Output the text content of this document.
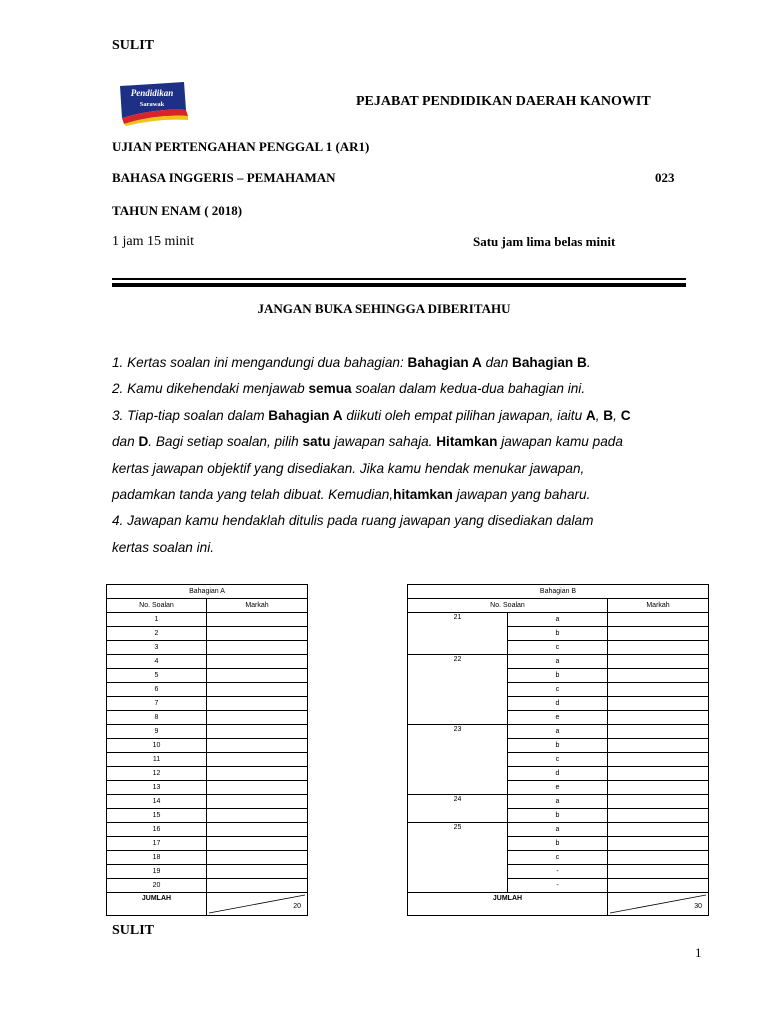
SULIT
Pendidikan
Sarawak	PEJABAT PENDIDIKAN DAERAH KANOWIT
UJIAN PERTENGAHAN PENGGAL 1 (AR1)
BAHASA INGGERIS – PEMAHAMAN	023
TAHUN ENAM ( 2018)
1 jam 15 minit	Satu jam lima belas minit
JANGAN BUKA SEHINGGA DIBERITAHU

1. Kertas soalan ini mengandungi dua bahagian: Bahagian A dan Bahagian B.

2. Kamu dikehendaki menjawab semua soalan dalam kedua-dua bahagian ini.

3. Tiap-tiap soalan dalam Bahagian A diikuti oleh empat pilihan jawapan, iaitu A, B, C

dan D. Bagi setiap soalan, pilih satu jawapan sahaja. Hitamkan jawapan kamu pada

kertas jawapan objektif yang disediakan. Jika kamu hendak menukar jawapan,

padamkan tanda yang telah dibuat. Kemudian,hitamkan jawapan yang baharu.

4. Jawapan kamu hendaklah ditulis pada ruang jawapan yang disediakan dalam

kertas soalan ini.

Bahagian A	
No. Soalan	Markah
1	
2	
3	
4	
5	
6	
7	
8	
9	
10	
11	
12	
13	
14	
15	
16	
17	
18	
19	
20	

JUMLAH	20
Bahagian B		
No. Soalan		Markah
21	a	
	b	
	c	
22	a	
	b	
	c	
	d	
	e	
23	a	
	b	
	c	
	d	
	e	
24	a	
	b	
25	a	
	b	
	c	
	-	
	-	

JUMLAH		30
SULIT
1
